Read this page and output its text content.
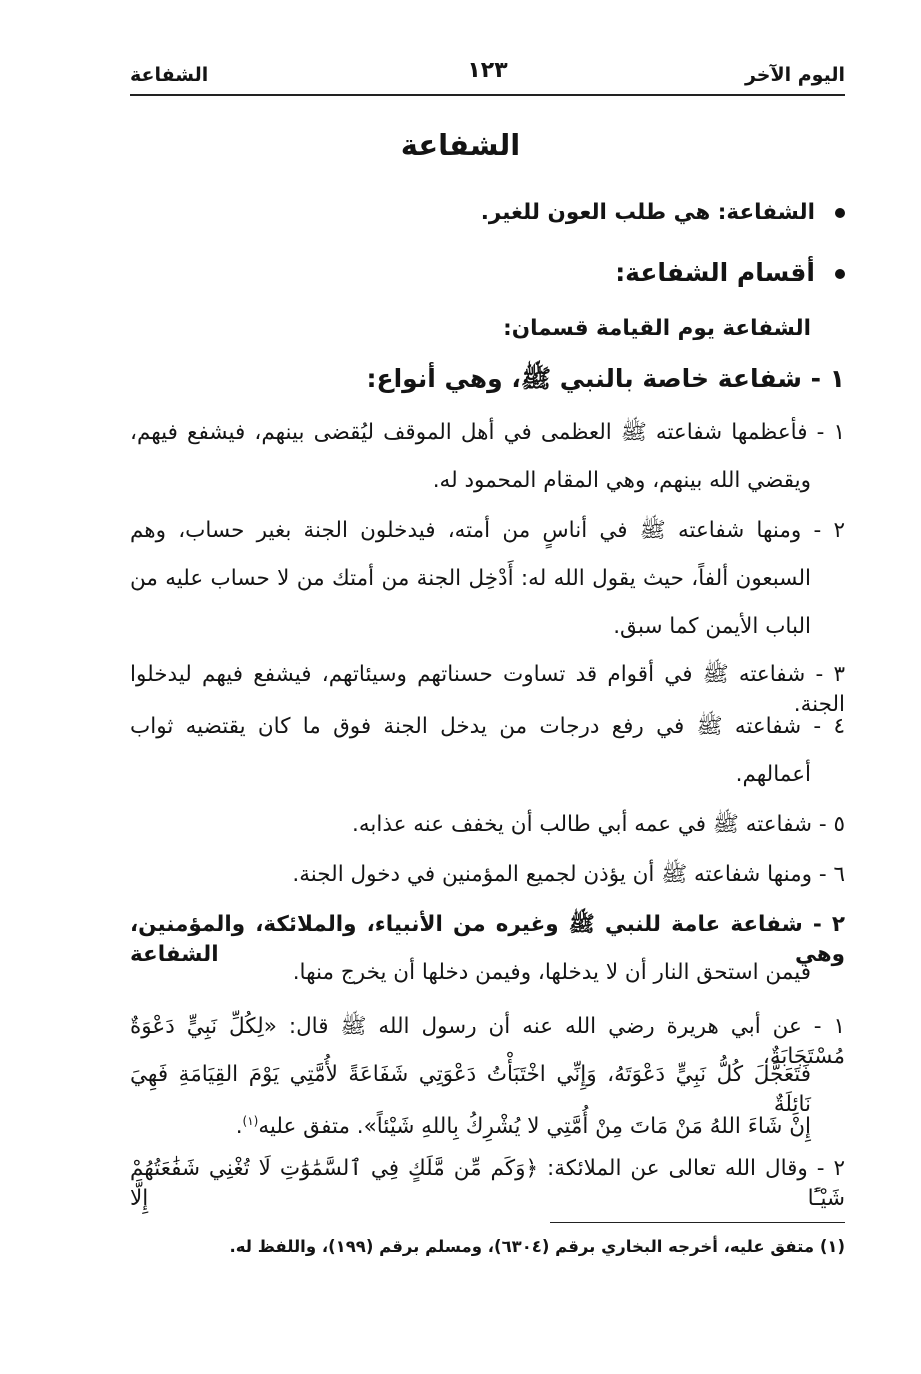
اليوم الآخر
١٢٣
الشفاعة
الشفاعة
الشفاعة: هي طلب العون للغير.
أقسام الشفاعة:
الشفاعة يوم القيامة قسمان:
١ - شفاعة خاصة بالنبي ﷺ، وهي أنواع:
١ - فأعظمها شفاعته ﷺ العظمى في أهل الموقف ليُقضى بينهم، فيشفع فيهم،
ويقضي الله بينهم، وهي المقام المحمود له.
٢ - ومنها شفاعته ﷺ في أناسٍ من أمته، فيدخلون الجنة بغير حساب، وهم
السبعون ألفاً، حيث يقول الله له: أَدْخِل الجنة من أمتك من لا حساب عليه من
الباب الأيمن كما سبق.
٣ - شفاعته ﷺ في أقوام قد تساوت حسناتهم وسيئاتهم، فيشفع فيهم ليدخلوا الجنة.
٤ - شفاعته ﷺ في رفع درجات من يدخل الجنة فوق ما كان يقتضيه ثواب
أعمالهم.
٥ - شفاعته ﷺ في عمه أبي طالب أن يخفف عنه عذابه.
٦ - ومنها شفاعته ﷺ أن يؤذن لجميع المؤمنين في دخول الجنة.
٢ - شفاعة عامة للنبي ﷺ وغيره من الأنبياء، والملائكة، والمؤمنين، وهي الشفاعة
فيمن استحق النار أن لا يدخلها، وفيمن دخلها أن يخرج منها.
١ - عن أبي هريرة رضي الله عنه أن رسول الله ﷺ قال: «لِكُلِّ نَبِيٍّ دَعْوَةٌ مُسْتَجَابَةٌ،
فَتَعَجَّلَ كُلُّ نَبِيٍّ دَعْوَتَهُ، وَإِنِّي اخْتَبَأْتُ دَعْوَتِي شَفَاعَةً لأُمَّتِي يَوْمَ القِيَامَةِ فَهِيَ نَائِلَةٌ
إِنْ شَاءَ اللهُ مَنْ مَاتَ مِنْ أُمَّتِي لا يُشْرِكُ بِاللهِ شَيْئاً». متفق عليه$^{(١)}$.
٢ - وقال الله تعالى عن الملائكة: ﴿وَكَم مِّن مَّلَكٍ فِي ٱلسَّمَٰوَٰتِ لَا تُغْنِي شَفَٰعَتُهُمْ شَيْـًٔا إِلَّا
(١) متفق عليه، أخرجه البخاري برقم (٦٣٠٤)، ومسلم برقم (١٩٩)، واللفظ له.
